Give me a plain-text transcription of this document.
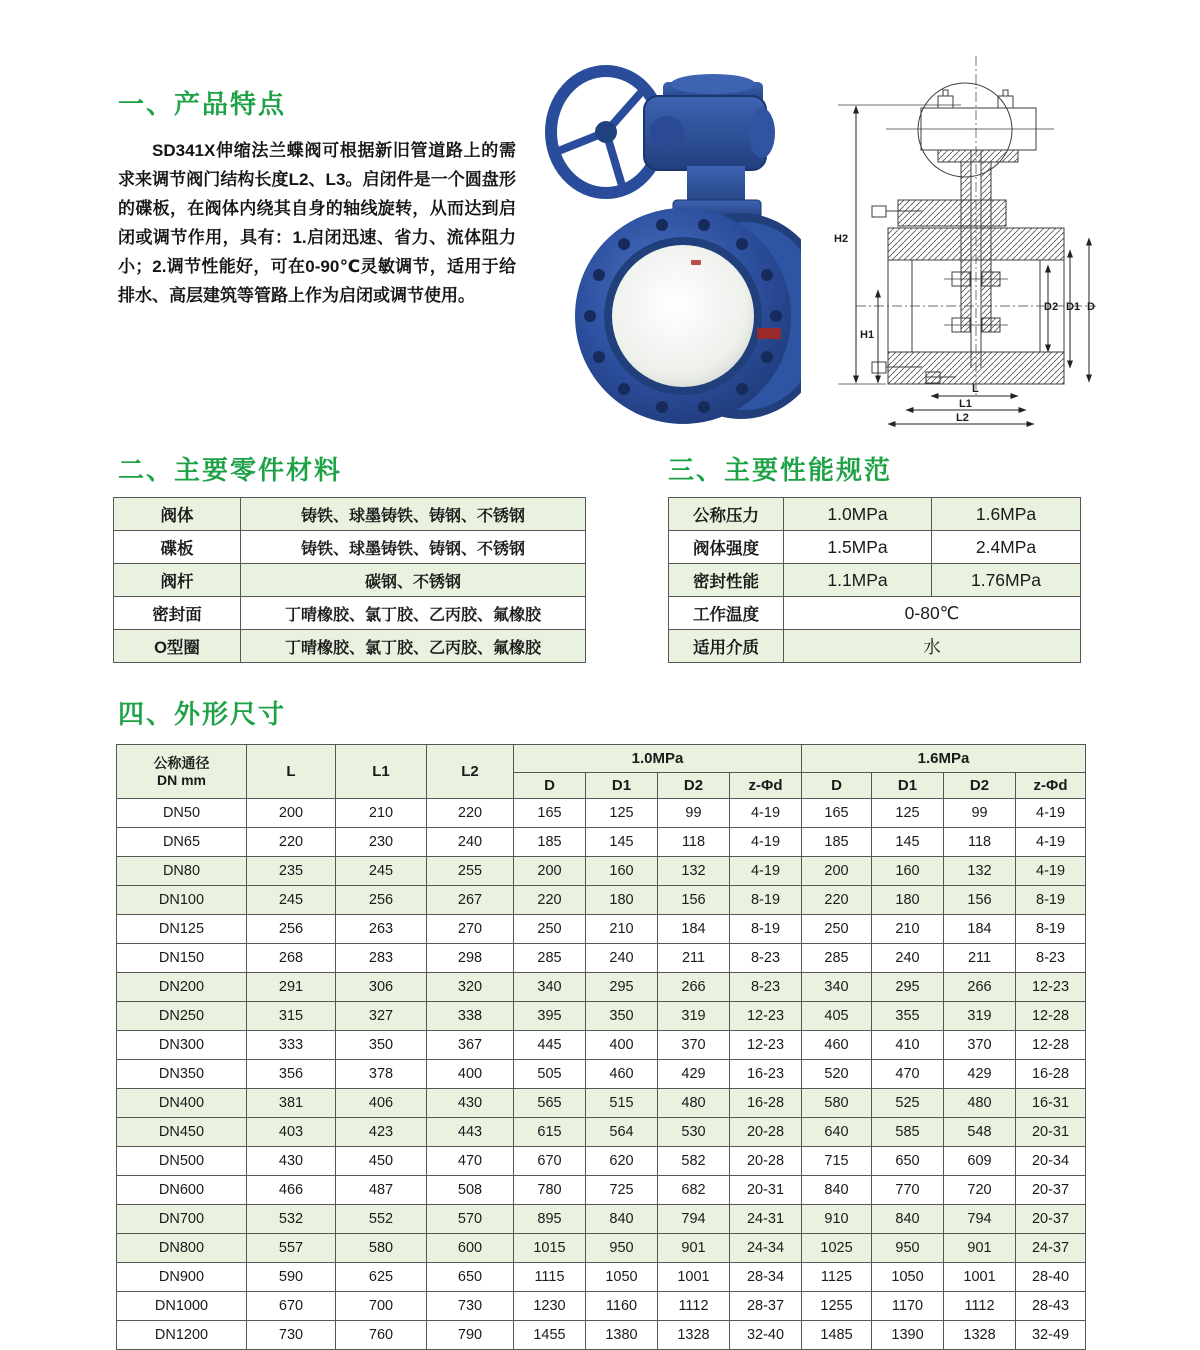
一、产品特点
SD341X伸缩法兰蝶阀可根据新旧管道路上的需求来调节阀门结构长度L2、L3。启闭件是一个圆盘形的碟板，在阀体内绕其自身的轴线旋转，从而达到启闭或调节作用，具有：1.启闭迅速、省力、流体阻力小；2.调节性能好，可在0-90℃灵敏调节，适用于给排水、高层建筑等管路上作为启闭或调节使用。
H2
H1
D2 D1 D
L
L1
L2
二、主要零件材料
阀体	铸铁、球墨铸铁、铸钢、不锈钢
碟板	铸铁、球墨铸铁、铸钢、不锈钢
阀杆	碳钢、不锈钢
密封面	丁晴橡胶、氯丁胶、乙丙胶、氟橡胶
O型圈	丁晴橡胶、氯丁胶、乙丙胶、氟橡胶
三、主要性能规范
公称压力	1.0MPa	1.6MPa
阀体强度	1.5MPa	2.4MPa
密封性能	1.1MPa	1.76MPa
工作温度	0-80℃	
适用介质	水	
四、外形尺寸
公称通径
DN mm	L	L1	L2	1.0MPa				1.6MPa			
				D	D1	D2	z-Φd	D	D1	D2	z-Φd
DN50	200	210	220	165	125	99	4-19	165	125	99	4-19
DN65	220	230	240	185	145	118	4-19	185	145	118	4-19
DN80	235	245	255	200	160	132	4-19	200	160	132	4-19
DN100	245	256	267	220	180	156	8-19	220	180	156	8-19
DN125	256	263	270	250	210	184	8-19	250	210	184	8-19
DN150	268	283	298	285	240	211	8-23	285	240	211	8-23
DN200	291	306	320	340	295	266	8-23	340	295	266	12-23
DN250	315	327	338	395	350	319	12-23	405	355	319	12-28
DN300	333	350	367	445	400	370	12-23	460	410	370	12-28
DN350	356	378	400	505	460	429	16-23	520	470	429	16-28
DN400	381	406	430	565	515	480	16-28	580	525	480	16-31
DN450	403	423	443	615	564	530	20-28	640	585	548	20-31
DN500	430	450	470	670	620	582	20-28	715	650	609	20-34
DN600	466	487	508	780	725	682	20-31	840	770	720	20-37
DN700	532	552	570	895	840	794	24-31	910	840	794	20-37
DN800	557	580	600	1015	950	901	24-34	1025	950	901	24-37
DN900	590	625	650	1115	1050	1001	28-34	1125	1050	1001	28-40
DN1000	670	700	730	1230	1160	1112	28-37	1255	1170	1112	28-43
DN1200	730	760	790	1455	1380	1328	32-40	1485	1390	1328	32-49
